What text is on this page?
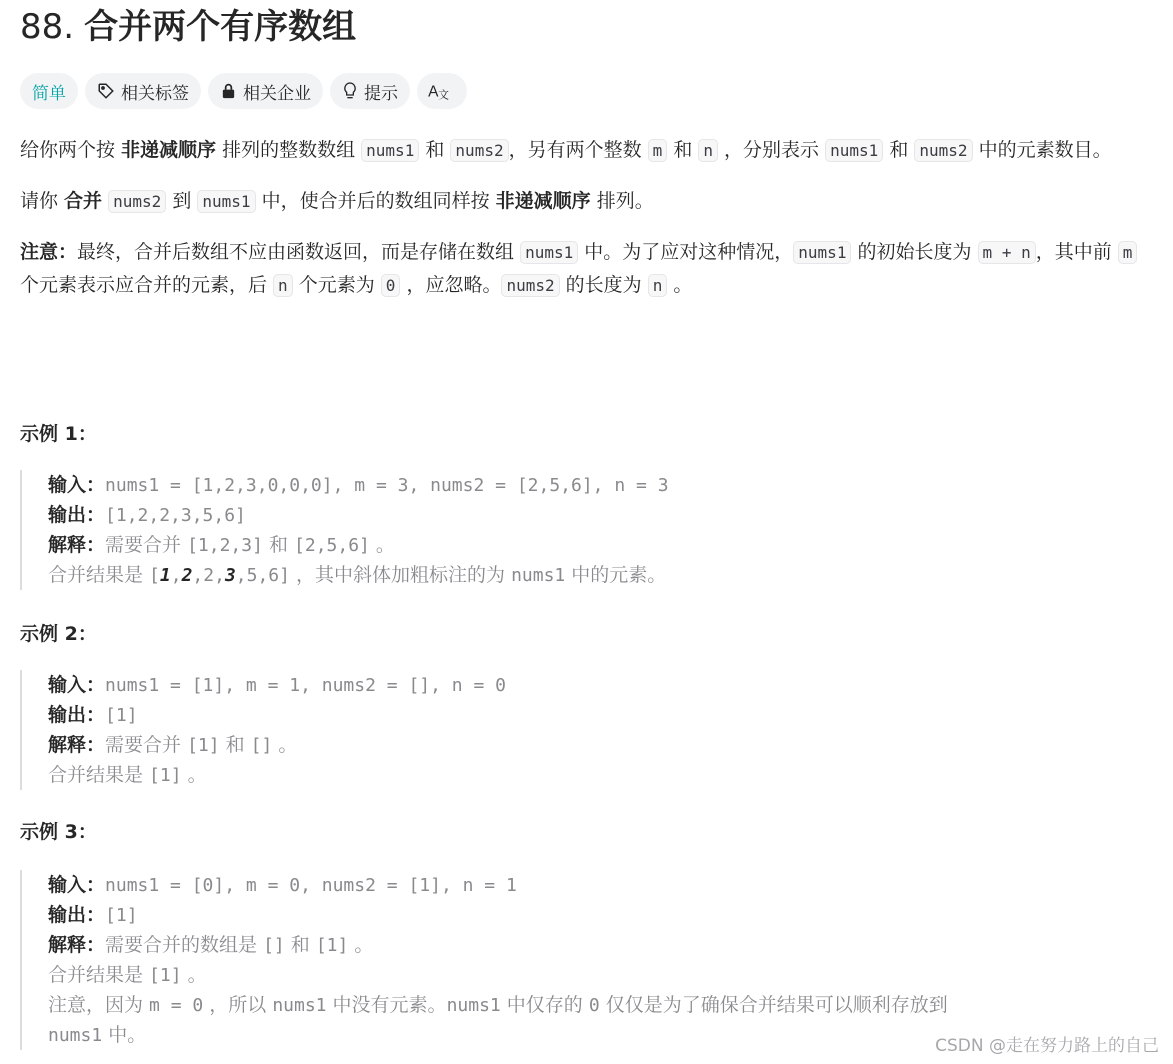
88. 合并两个有序数组
简单	相关标签	相关企业	提示 A 文

给你两个按 非递减顺序 排列的整数数组 nums1 和 nums2 ，另有两个整数 m 和 n ，分别表示 nums1 和 nums2 中的元素数目。

请你 合并 nums2 到 nums1 中，使合并后的数组同样按 非递减顺序 排列。

注意：最终，合并后数组不应由函数返回，而是存储在数组 nums1 中。为了应对这种情况， nums1 的初始长度为 m + n ，其中前 m 个元素表示应合并的元素，后 n 个元素为 0 ，应忽略。 nums2 的长度为 n 。

示例 1：
输入：nums1 = [1,2,3,0,0,0], m = 3, nums2 = [2,5,6], n = 3
输出：[1,2,2,3,5,6]
解释：需要合并 [1,2,3] 和 [2,5,6] 。
合并结果是 [1,2,2,3,5,6] ，其中斜体加粗标注的为 nums1 中的元素。
示例 2：
输入：nums1 = [1], m = 1, nums2 = [], n = 0
输出：[1]
解释：需要合并 [1] 和 [] 。
合并结果是 [1] 。
示例 3：
输入：nums1 = [0], m = 0, nums2 = [1], n = 1
输出：[1]
解释：需要合并的数组是 [] 和 [1] 。
合并结果是 [1] 。
注意，因为 m = 0 ，所以 nums1 中没有元素。nums1 中仅存的 0 仅仅是为了确保合并结果可以顺利存放到
nums1 中。	CSDN @走在努力路上的自己
